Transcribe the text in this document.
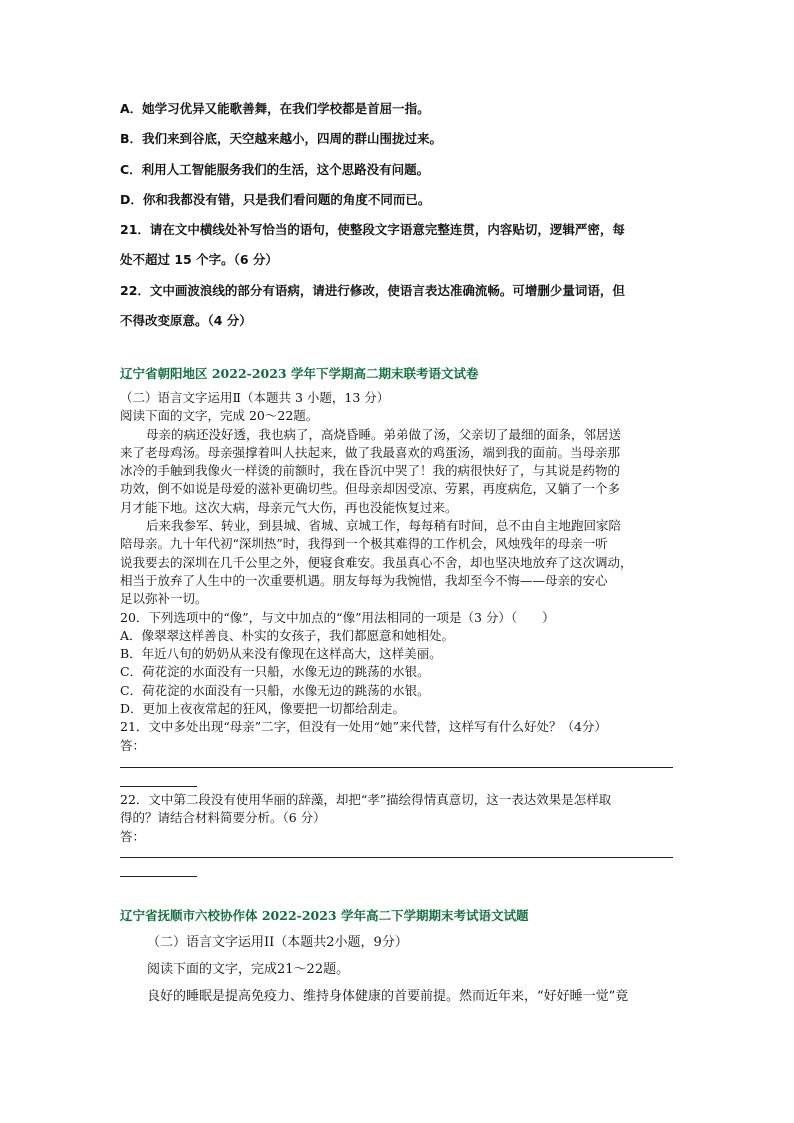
A．她学习优异又能歌善舞，在我们学校都是首屈一指。
B．我们来到谷底，天空越来越小，四周的群山围拢过来。
C．利用人工智能服务我们的生活，这个思路没有问题。
D．你和我都没有错，只是我们看问题的角度不同而已。
21．请在文中横线处补写恰当的语句，使整段文字语意完整连贯，内容贴切，逻辑严密，每
处不超过 15 个字。（6 分）
22．文中画波浪线的部分有语病，请进行修改，使语言表达准确流畅。可增删少量词语，但
不得改变原意。（4 分）
辽宁省朝阳地区 2022-2023 学年下学期高二期末联考语文试卷
（二）语言文字运用Ⅱ（本题共 3 小题，13 分）
阅读下面的文字，完成 20～22题。
母亲的病还没好透，我也病了，高烧昏睡。弟弟做了汤，父亲切了最细的面条，邻居送
来了老母鸡汤。母亲强撑着叫人扶起来，做了我最喜欢的鸡蛋汤，端到我的面前。当母亲那
冰冷的手触到我像火一样烫的前额时，我在昏沉中哭了！我的病很快好了，与其说是药物的
功效，倒不如说是母爱的滋补更确切些。但母亲却因受凉、劳累，再度病危，又躺了一个多
月才能下地。这次大病，母亲元气大伤，再也没能恢复过来。
后来我参军、转业，到县城、省城、京城工作，每每稍有时间，总不由自主地跑回家陪
陪母亲。九十年代初“深圳热”时，我得到一个极其难得的工作机会，风烛残年的母亲一听
说我要去的深圳在几千公里之外，便寝食难安。我虽真心不舍，却也坚决地放弃了这次调动，
相当于放弃了人生中的一次重要机遇。朋友每每为我惋惜，我却至今不悔——母亲的安心
足以弥补一切。
20．下列选项中的“像”，与文中加点的“像”用法相同的一项是（3 分）（　　）
A．像翠翠这样善良、朴实的女孩子，我们都愿意和她相处。
B．年近八旬的奶奶从来没有像现在这样高大，这样美丽。
C．荷花淀的水面没有一只船，水像无边的跳荡的水银。
C．荷花淀的水面没有一只船，水像无边的跳荡的水银。
D．更加上夜夜常起的狂风，像要把一切都给刮走。
21．文中多处出现“母亲”二字，但没有一处用“她”来代替，这样写有什么好处？（4分）
答：
22．文中第二段没有使用华丽的辞藻，却把“孝”描绘得情真意切，这一表达效果是怎样取
得的？请结合材料简要分析。（6 分）
答：
辽宁省抚顺市六校协作体 2022-2023 学年高二下学期期末考试语文试题
（二）语言文字运用II（本题共2小题，9分）
阅读下面的文字，完成21～22题。
良好的睡眠是提高免疫力、维持身体健康的首要前提。然而近年来，“好好睡一觉”竟
